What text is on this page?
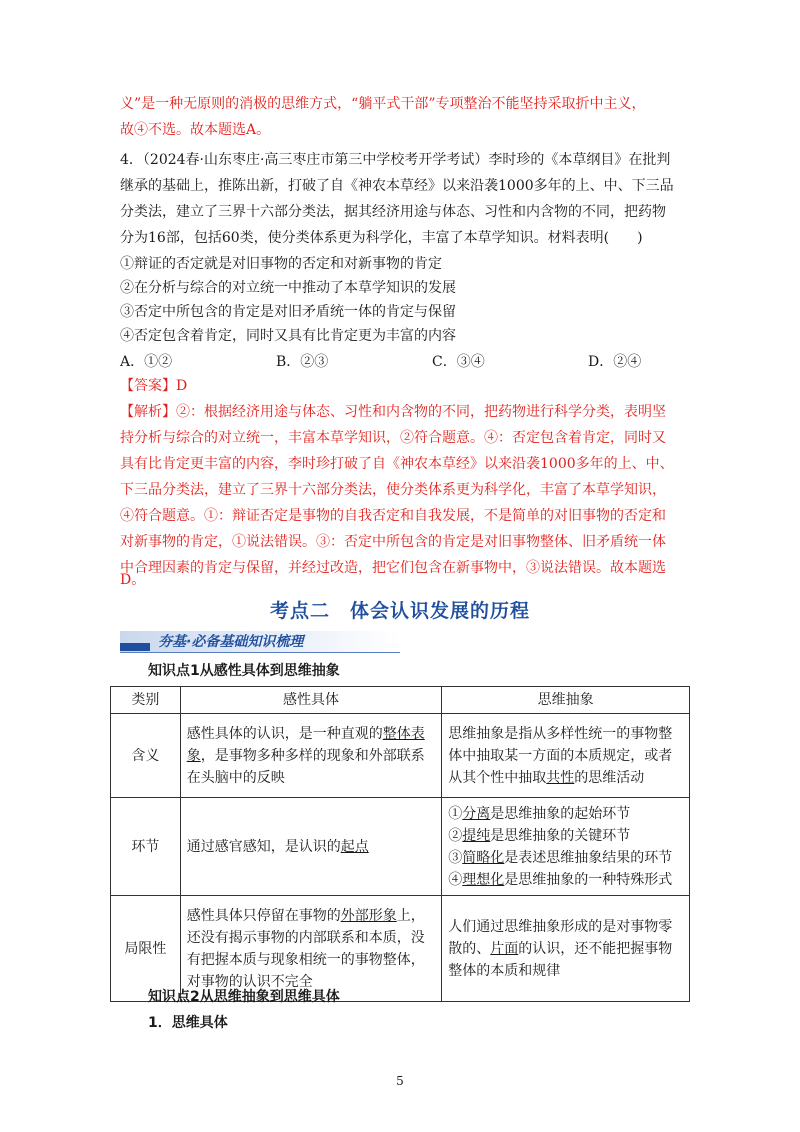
义”是一种无原则的消极的思维方式，“躺平式干部”专项整治不能坚持采取折中主义，
故④不选。故本题选A。
4．（2024春·山东枣庄·高三枣庄市第三中学校考开学考试）李时珍的《本草纲目》在批判
继承的基础上，推陈出新，打破了自《神农本草经》以来沿袭1000多年的上、中、下三品
分类法，建立了三界十六部分类法，据其经济用途与体态、习性和内含物的不同，把药物
分为16部，包括60类，使分类体系更为科学化，丰富了本草学知识。材料表明(　　)
①辩证的否定就是对旧事物的否定和对新事物的肯定
②在分析与综合的对立统一中推动了本草学知识的发展
③否定中所包含的肯定是对旧矛盾统一体的肯定与保留
④否定包含着肯定，同时又具有比肯定更为丰富的内容
A．①②	B．②③	C．③④	D．②④
【答案】D
【解析】②：根据经济用途与体态、习性和内含物的不同，把药物进行科学分类，表明坚
持分析与综合的对立统一，丰富本草学知识，②符合题意。④：否定包含着肯定，同时又
具有比肯定更丰富的内容，李时珍打破了自《神农本草经》以来沿袭1000多年的上、中、
下三品分类法，建立了三界十六部分类法，使分类体系更为科学化，丰富了本草学知识，
④符合题意。①：辩证否定是事物的自我否定和自我发展，不是简单的对旧事物的否定和
对新事物的肯定，①说法错误。③：否定中所包含的肯定是对旧事物整体、旧矛盾统一体
中合理因素的肯定与保留，并经过改造，把它们包含在新事物中，③说法错误。故本题选
D。
考点二　体会认识发展的历程
夯基·必备基础知识梳理
知识点1从感性具体到思维抽象
类别	感性具体	思维抽象
含义	感性具体的认识，是一种直观的整体表
象，是事物多种多样的现象和外部联系在头脑中的反映	思维抽象是指从多样性统一的事物整体中抽取某一方面的本质规定，或者从其个性中抽取共性的思维活动
环节	通过感官感知，是认识的起点	①分离是思维抽象的起始环节
②提纯是思维抽象的关键环节
③简略化是表述思维抽象结果的环节
④理想化是思维抽象的一种特殊形式

局限性	感性具体只停留在事物的外部形象上，还没有揭示事物的内部联系和本质，没有把握本质与现象相统一的事物整体，对事物的认识不完全	人们通过思维抽象形成的是对事物零散的、片面的认识，还不能把握事物整体的本质和规律
知识点2从思维抽象到思维具体
1．思维具体
5
